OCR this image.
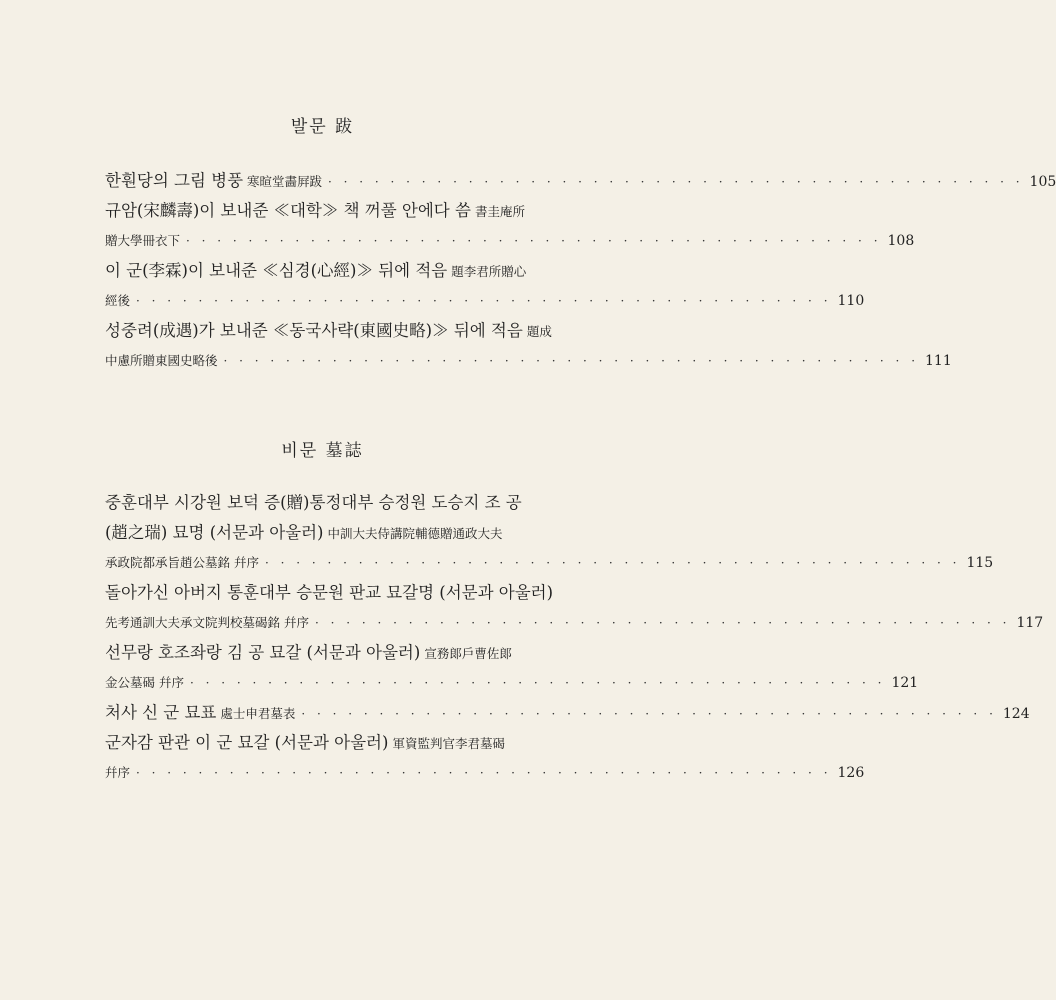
발문 跋
한훤당의 그림 병풍 寒暄堂畵屛跋 · · ·	105
규암(宋麟壽)이 보내준 ≪대학≫ 책 꺼풀 안에다 씀 書圭庵所
贈大學冊衣下 · · ·	108
이 군(李霖)이 보내준 ≪심경(心經)≫ 뒤에 적음 題李君所贈心
經後 · · ·	110
성중려(成遇)가 보내준 ≪동국사략(東國史略)≫ 뒤에 적음 題成
中慮所贈東國史略後 · · ·	111
비문 墓誌
중훈대부 시강원 보덕 증(贈)통정대부 승정원 도승지 조 공
(趙之瑞) 묘명 (서문과 아울러) 中訓大夫侍講院輔德贈通政大夫
承政院都承旨趙公墓銘 幷序 · · ·	115
돌아가신 아버지 통훈대부 승문원 판교 묘갈명 (서문과 아울러)
先考通訓大夫承文院判校墓碣銘 幷序 · · ·	117
선무랑 호조좌랑 김 공 묘갈 (서문과 아울러) 宣務郞戶曹佐郞
金公墓碣 幷序 · · ·	121
처사 신 군 묘표 處士申君墓表 · · ·	124
군자감 판관 이 군 묘갈 (서문과 아울러) 軍資監判官李君墓碣
幷序 · · ·	126
